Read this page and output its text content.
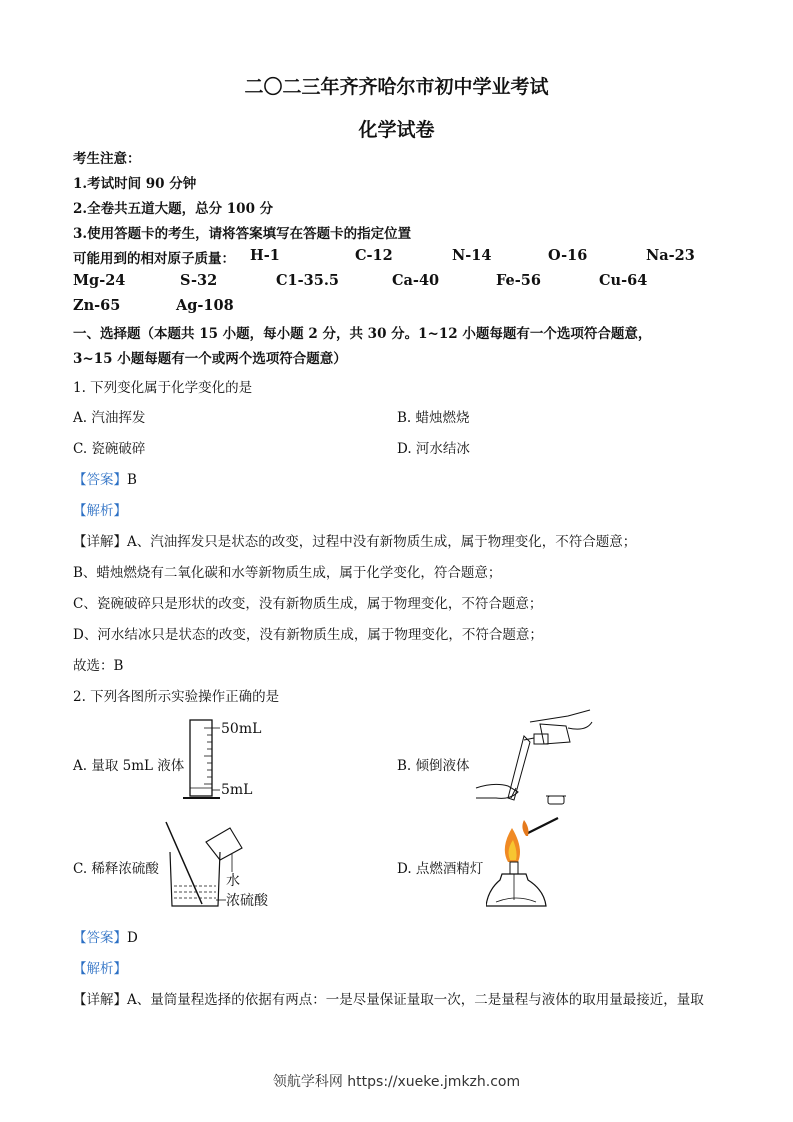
二〇二三年齐齐哈尔市初中学业考试
化学试卷
考生注意：
1.考试时间 90 分钟
2.全卷共五道大题，总分 100 分
3.使用答题卡的考生，请将答案填写在答题卡的指定位置
可能用到的相对原子质量： H-1	C-12	N-14	O-16	Na-23
Mg-24	S-32	C1-35.5	Ca-40	Fe-56	Cu-64
Zn-65	Ag-108
一、选择题（本题共 15 小题，每小题 2 分，共 30 分。1~12 小题每题有一个选项符合题意，
3~15 小题每题有一个或两个选项符合题意）
1. 下列变化属于化学变化的是
A. 汽油挥发	B. 蜡烛燃烧
C. 瓷碗破碎	D. 河水结冰
【答案】B
【解析】
【详解】A、汽油挥发只是状态的改变，过程中没有新物质生成，属于物理变化，不符合题意；
B、蜡烛燃烧有二氧化碳和水等新物质生成，属于化学变化，符合题意；
C、瓷碗破碎只是形状的改变，没有新物质生成，属于物理变化，不符合题意；
D、河水结冰只是状态的改变，没有新物质生成，属于物理变化，不符合题意；
故选：B
2. 下列各图所示实验操作正确的是
A. 量取 5mL 液体	B. 倾倒液体
C. 稀释浓硫酸	D. 点燃酒精灯
50mL
5mL
水
浓硫酸
【答案】D
【解析】
【详解】A、量筒量程选择的依据有两点：一是尽量保证量取一次，二是量程与液体的取用量最接近，量取
领航学科网 https://xueke.jmkzh.com
